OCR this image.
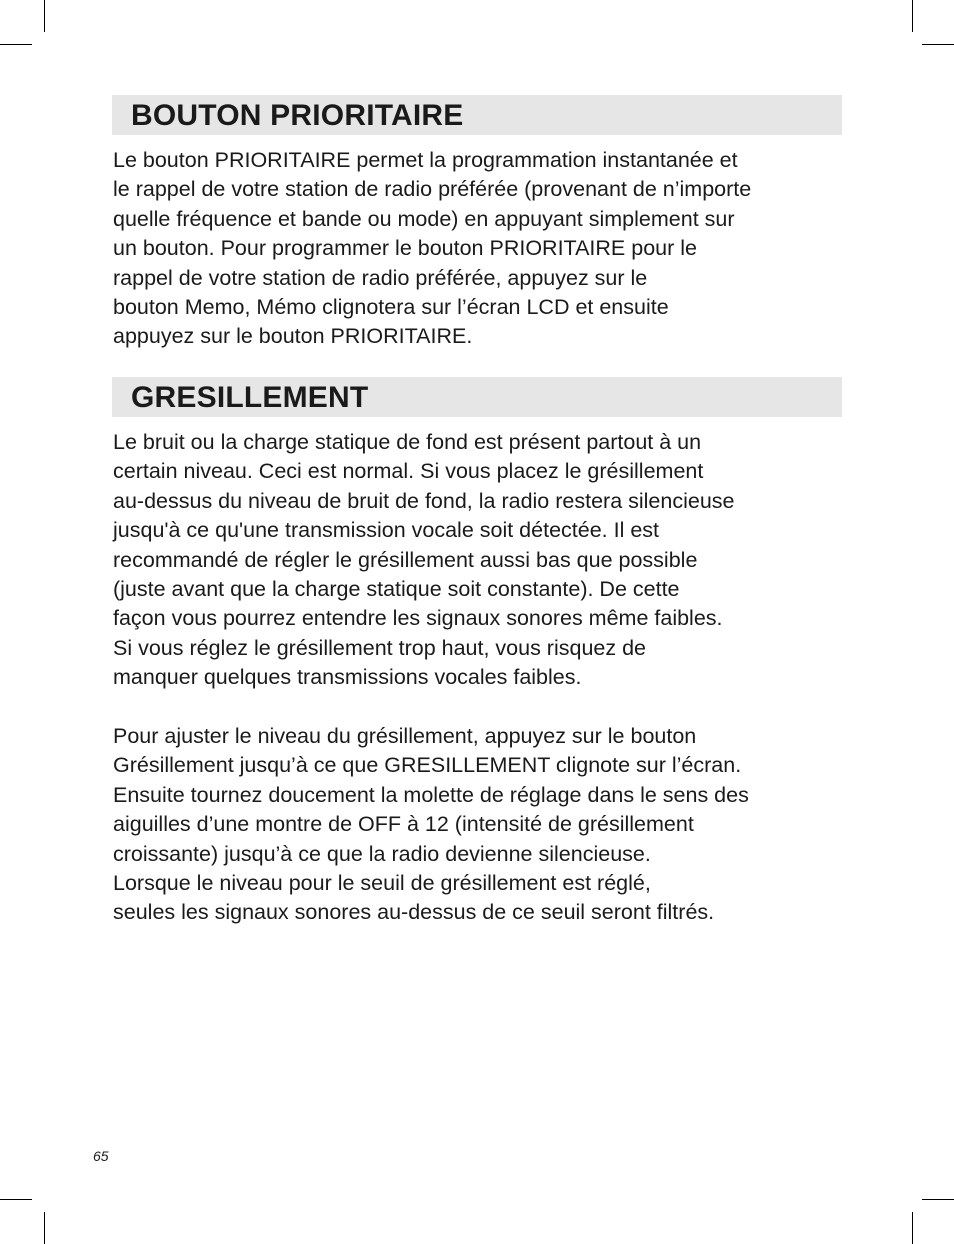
BOUTON PRIORITAIRE
Le bouton PRIORITAIRE permet la programmation instantanée et
le rappel de votre station de radio préférée (provenant de n’importe
quelle fréquence et bande ou mode) en appuyant simplement sur
un bouton. Pour programmer le bouton PRIORITAIRE pour le
rappel de votre station de radio préférée, appuyez sur le
bouton Memo, Mémo clignotera sur l’écran LCD et ensuite
appuyez sur le bouton PRIORITAIRE.
GRESILLEMENT
Le bruit ou la charge statique de fond est présent partout à un
certain niveau. Ceci est normal. Si vous placez le grésillement
au-dessus du niveau de bruit de fond, la radio restera silencieuse
jusqu'à ce qu'une transmission vocale soit détectée. Il est
recommandé de régler le grésillement aussi bas que possible
(juste avant que la charge statique soit constante). De cette
façon vous pourrez entendre les signaux sonores même faibles.
Si vous réglez le grésillement trop haut, vous risquez de
manquer quelques transmissions vocales faibles.
Pour ajuster le niveau du grésillement, appuyez sur le bouton
Grésillement jusqu’à ce que GRESILLEMENT clignote sur l’écran.
Ensuite tournez doucement la molette de réglage dans le sens des
aiguilles d’une montre de OFF à 12 (intensité de grésillement
croissante) jusqu’à ce que la radio devienne silencieuse.
Lorsque le niveau pour le seuil de grésillement est réglé,
seules les signaux sonores au-dessus de ce seuil seront filtrés.
65
